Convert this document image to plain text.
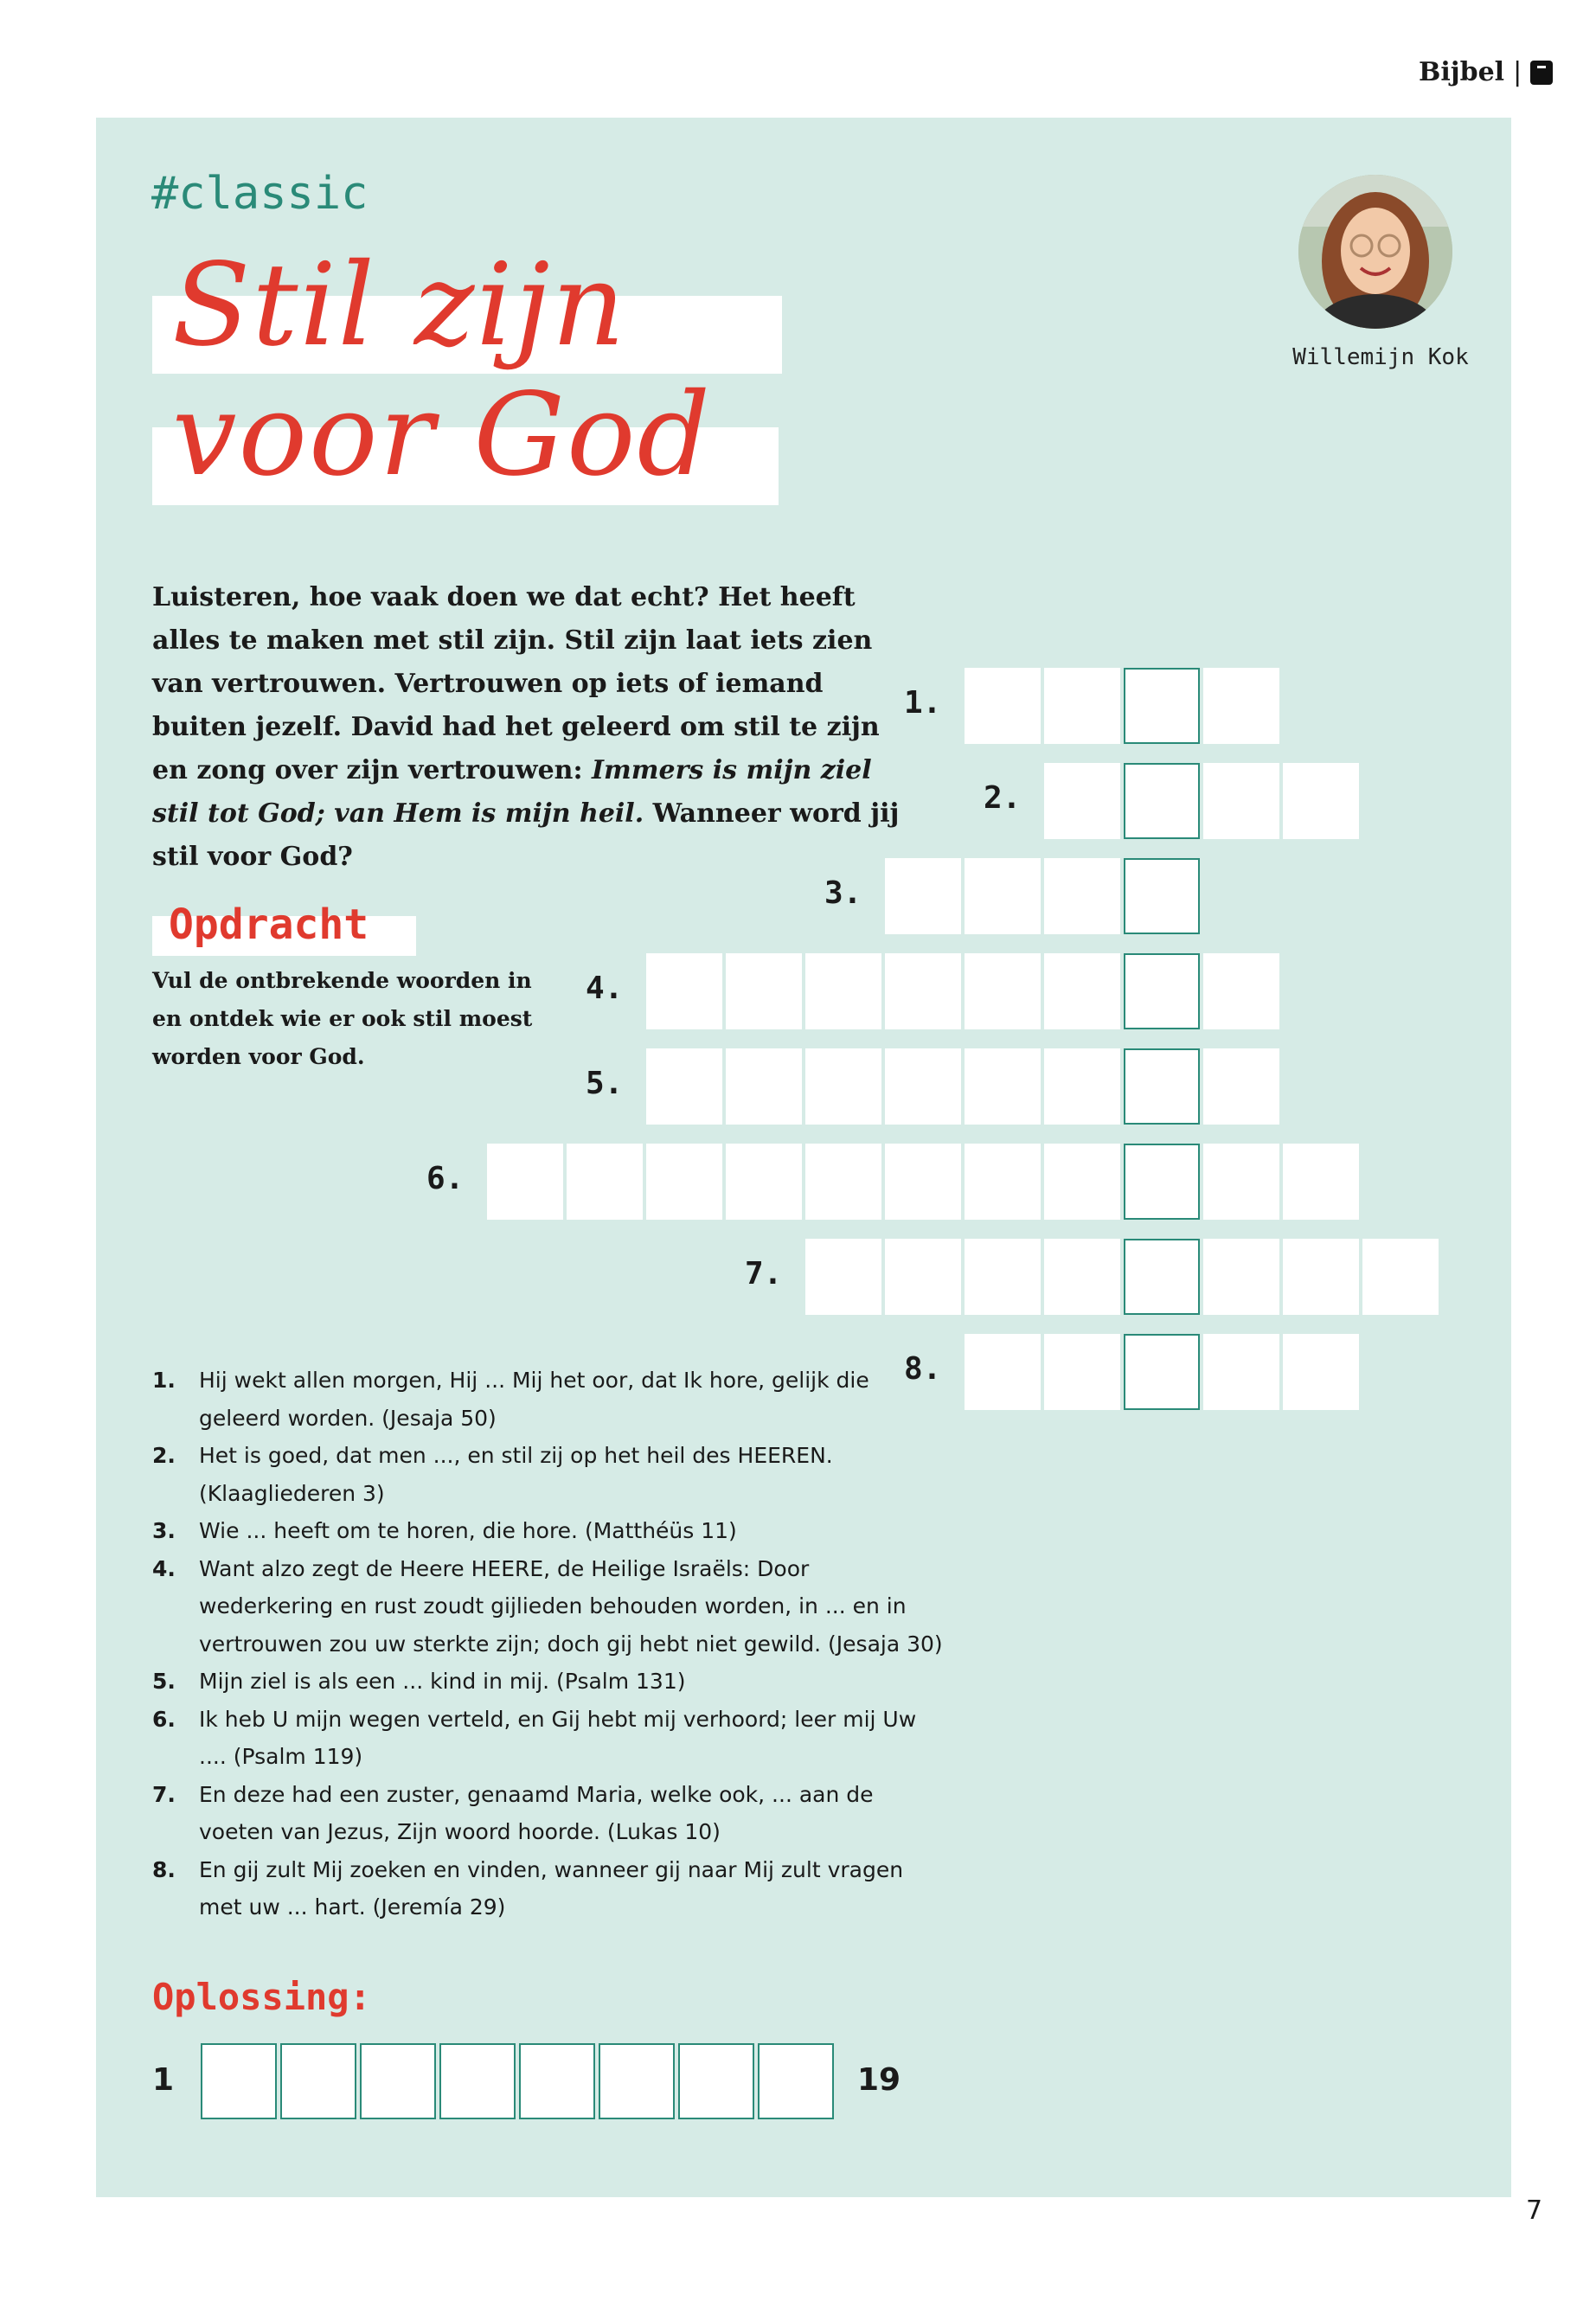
Bijbel |
#classic
Stil zijn
voor God
Willemijn Kok
Luisteren, hoe vaak doen we dat echt? Het heeft alles te maken met stil zijn. Stil zijn laat iets zien van vertrouwen. Vertrouwen op iets of iemand buiten jezelf. David had het geleerd om stil te zijn en zong over zijn vertrouwen: Immers is mijn ziel stil tot God; van Hem is mijn heil. Wanneer word jij stil voor God?
Opdracht
Vul de ontbrekende woorden in en ontdek wie er ook stil moest worden voor God.
1.
2.
3.
4.
5.
6.
7.
8.
1.	Hij wekt allen morgen, Hij ... Mij het oor, dat Ik hore, gelijk die geleerd worden. (Jesaja 50)
2.	Het is goed, dat men ..., en stil zij op het heil des HEEREN. (Klaagliederen 3)
3.	Wie ... heeft om te horen, die hore. (Matthéüs 11)
4.	Want alzo zegt de Heere HEERE, de Heilige Israëls: Door wederkering en rust zoudt gijlieden behouden worden, in ... en in vertrouwen zou uw sterkte zijn; doch gij hebt niet gewild. (Jesaja 30)
5.	Mijn ziel is als een ... kind in mij. (Psalm 131)
6.	Ik heb U mijn wegen verteld, en Gij hebt mij verhoord; leer mij Uw .... (Psalm 119)
7.	En deze had een zuster, genaamd Maria, welke ook, ... aan de voeten van Jezus, Zijn woord hoorde. (Lukas 10)
8.	En gij zult Mij zoeken en vinden, wanneer gij naar Mij zult vragen met uw ... hart. (Jeremía 29)
Oplossing:
1	19
7
